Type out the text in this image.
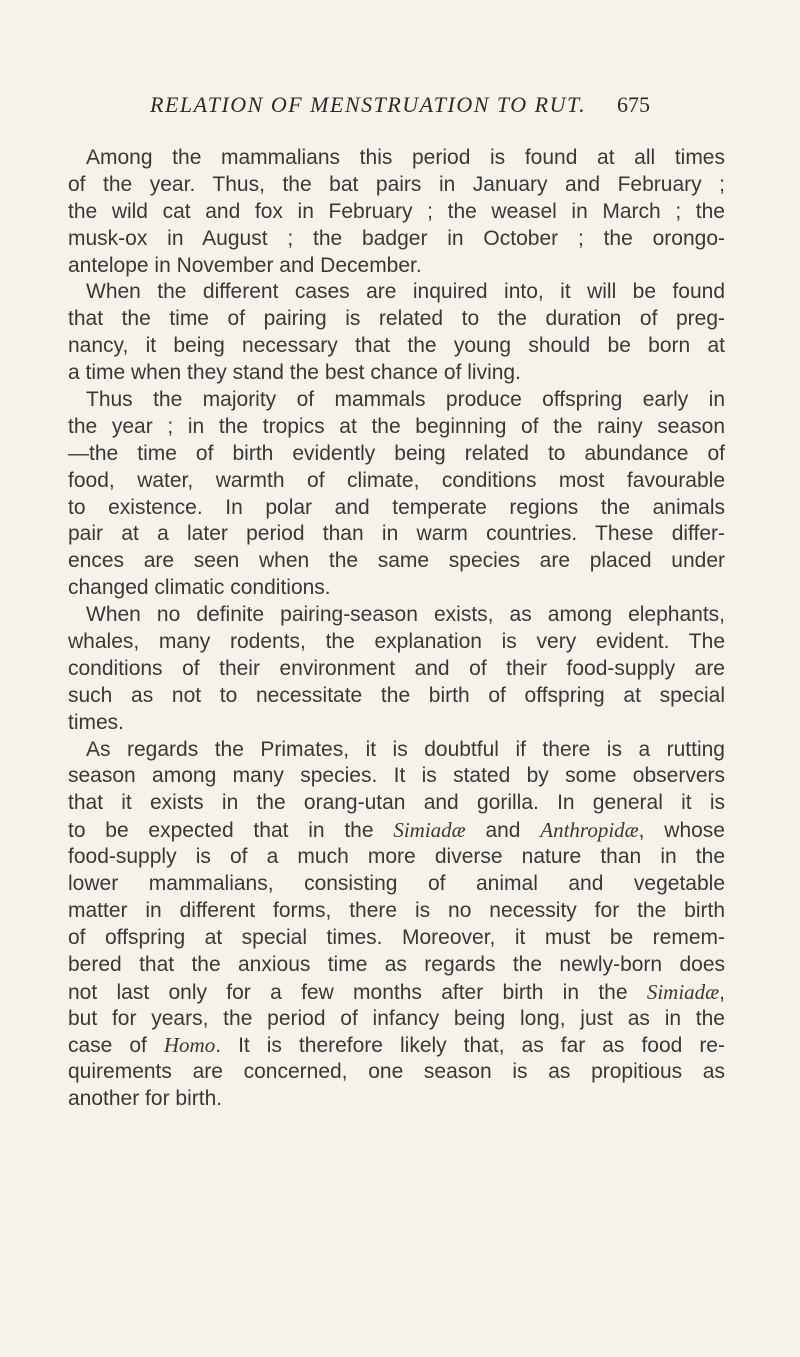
RELATION OF MENSTRUATION TO RUT.	675
Among the mammalians this period is found at all times
of the year. Thus, the bat pairs in January and February ;
the wild cat and fox in February ; the weasel in March ; the
musk-ox in August ; the badger in October ; the orongo-
antelope in November and December.
When the different cases are inquired into, it will be found
that the time of pairing is related to the duration of preg-
nancy, it being necessary that the young should be born at
a time when they stand the best chance of living.
Thus the majority of mammals produce offspring early in
the year ; in the tropics at the beginning of the rainy season
—the time of birth evidently being related to abundance of
food, water, warmth of climate, conditions most favourable
to existence. In polar and temperate regions the animals
pair at a later period than in warm countries. These differ-
ences are seen when the same species are placed under
changed climatic conditions.
When no definite pairing-season exists, as among elephants,
whales, many rodents, the explanation is very evident. The
conditions of their environment and of their food-supply are
such as not to necessitate the birth of offspring at special
times.
As regards the Primates, it is doubtful if there is a rutting
season among many species. It is stated by some observers
that it exists in the orang-utan and gorilla. In general it is
to be expected that in the Simiadæ and Anthropidæ, whose
food-supply is of a much more diverse nature than in the
lower mammalians, consisting of animal and vegetable
matter in different forms, there is no necessity for the birth
of offspring at special times. Moreover, it must be remem-
bered that the anxious time as regards the newly-born does
not last only for a few months after birth in the Simiadæ,
but for years, the period of infancy being long, just as in the
case of Homo. It is therefore likely that, as far as food re-
quirements are concerned, one season is as propitious as
another for birth.
